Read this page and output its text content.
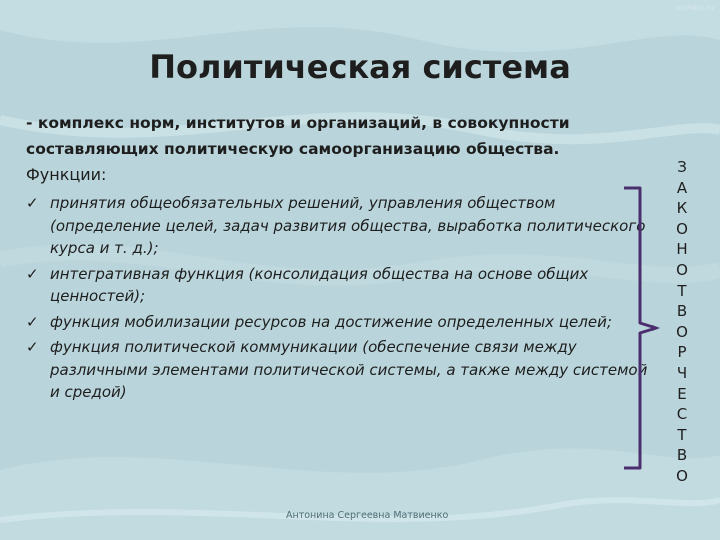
muridoc.ru
Политическая система
- комплекс норм, институтов и организаций, в совокупности составляющих политическую самоорганизацию общества.
Функции:
✓ принятия общеобязательных решений, управления обществом (определение целей, задач развития общества, выработка политического курса и т. д.);
✓ интегративная функция (консолидация общества на основе общих ценностей);
✓ функция мобилизации ресурсов на достижение определенных целей;
✓ функция политической коммуникации (обеспечение связи между различными элементами политической системы, а также между системой и средой)
З
А
К
О
Н
О
Т
В
О
Р
Ч
Е
С
Т
В
О
Антонина Сергеевна Матвиенко
